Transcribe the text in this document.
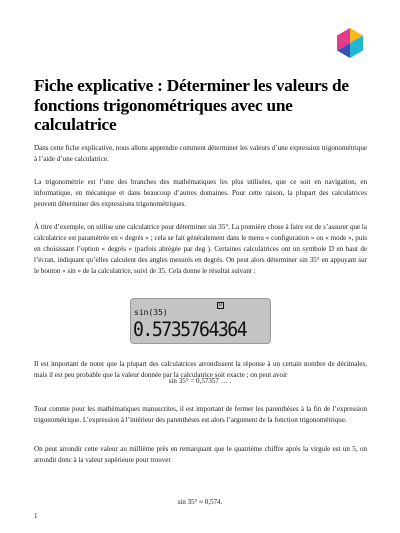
Fiche explicative : Déterminer les valeurs de fonctions trigonométriques avec une calculatrice

Dans cette fiche explicative, nous allons apprendre comment déterminer les valeurs d’une expression trigonométrique à l’aide d’une calculatrice.

La trigonométrie est l’une des branches des mathématiques les plus utilisées, que ce soit en navigation, en informatique, en mécanique et dans beaucoup d’autres domaines. Pour cette raison, la plupart des calculatrices peuvent déterminer des expressions trigonométriques.

À titre d’exemple, on utilise une calculatrice pour déterminer sin 35°. La première chose à faire est de s’assurer que la calculatrice est paramétrée en « degrés » ; cela se fait généralement dans le menu « configuration » ou « mode », puis en choisissant l’option « degrés » (parfois abrégée par deg ). Certaines calculatrices ont un symbole D en haut de l’écran, indiquant qu’elles calculent des angles mesurés en degrés. On peut alors déterminer sin 35° en appuyant sur le bouton « sin » de la calculatrice, suivi de 35. Cela donne le résultat suivant :

D
sin(35)
0.5735764364

Il est important de noter que la plupart des calculatrices arrondissent la réponse à un certain nombre de décimales, mais il est peu probable que la valeur donnée par la calculatrice soit exacte ; on peut avoir

sin 35° = 0,57357 … .

Tout comme pour les mathématiques manuscrites, il est important de fermer les parenthèses à la fin de l’expression trigonométrique. L’expression à l’intérieur des parenthèses est alors l’argument de la fonction trigonométrique.

On peut arrondir cette valeur au millième près en remarquant que le quatrième chiffre après la virgule est un 5, on arrondit donc à la valeur supérieure pour trouver

sin 35° ≈ 0,574.
1
